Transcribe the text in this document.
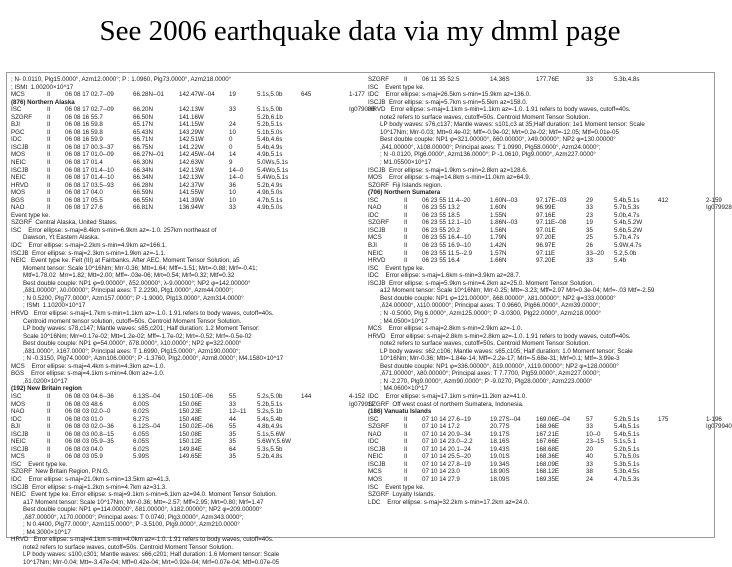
See 2006 earthquake data via my dmml page
; N- 0.0110, Plg15.0000°, Azm12.0000°; P : 1.0960, Plg73.0000°, Azm218.0000°
; ISMt  1.00200×10^17
MCS	II 06 08 17 02.7--09	66.28N--01 142.47W--04 19	5.1s,5.0b	645	1-177
(876) Northern Alaska
ISC	II 06 08 17 02.7--09	66.20N	142.13W	33	5.1s,5.0b	Ig079088
SZGRF II 06 08 16 55.7	66.50N	141.16W	5.2b,6.1b
BJI	II 06 08 16 59.8	65.17N	141.15W	24	5.2b,5.1s
PGC	II 06 08 16 59.8	65.43N	143.29W	10	5.1b,5.0s
IDC	II 06 08 16 59.9	66.71N	142.51W	0	5.4b,4.6s
ISCJB	II 06 08 17 00.3--37	66.75N	141.22W	0	5.4b,4.9s
MOS	II 06 08 17 01.0--09	66.27N--01 142.45W--04 14	4.9b,5.1s
NEIC	II 06 08 17 01.4	66.30N	142.63W	9	5.0Ws,5.1s
ISCJB	II 06 08 17 01.4--10	66.34N	142.13W	14--0 5.4Wo,5.1s
NEIC	II 06 08 17 01.4--10	66.34N	142.13W	14--0 5.4Wo,5.1s
HRVD	II 06 08 17 03.5--93	66.28N	142.37W	36	5.2b,4.9s
MOS	II 06 08 17 04.0	66.59N	141.55W	10	4.9b,5.0s
BGS	II 06 08 17 05.5	66.55N	141.39W	10	4.7b,5.1s
NAO	II 06 08 17 27.6	66.81N	136.94W	33	4.9b,5.0s
Event type ke.
SZGRF  Central Alaska, United States.
ISC    Error ellipse: s-maj=8.4km s-min=6.9km az=-1.0. 257km northeast of
Dawson, Yt Eastern Alaska.
IDC    Error ellipse: s-maj=2.2km s-min=4.9km az=166.1.
ISCJB  Error ellipse: s-maj=2.3km s-min=1.9km az=-1.1.
NEIC   Event type ke. Felt (III) at Fairbanks. After AEC. Moment Tensor Solution, a5
Moment tensor: Scale 10^16Nm; Mrr-0.36; Mtt=1.64; Mff=-1.51; Mrt=-0.88; Mrf=-0.41;
Mtf=1.78.02  Mrr=1.82; Mtt=2.00; Mff=-.03e-06; Mrt=0.54; Mrf=0.32; Mtf=0.32
Best double couple: NP1 φ=9.00000°, δ52.00000°, λ-9.00000°; NP2 φ=142.00000°
,δ81.00000°, λ0.00000°; Principal axes: T 2.2290, Plg1.0000°, Azm44.0000°;
; N 0.5200, Plg77.0000°, Azm157.0000°; P -1.9000, Plg13.0000°, Azm314.0000°
; ISMt  1.10200×10^17
HRVD   Error ellipse: s-maj=1.7km s-min=1.1km az=-1.0. 1.91.refers to body waves, cutoff=40s.
Centroid moment tensor solution, cutoff=50s. Centroid Moment Tensor Solution.
LP body waves: s78,c147; Mantle waves: s85,c201; Half duration: 1.2 Moment Tensor:
Scale 10^16Nm; Mrr=0.17e-02; Mtt=1.2e-02; Mff=-1.7e-02; Mrt=-0.52; Mrf=-0.5e-02
Best double couple: NP1 φ=54.0000°, δ78.0000°, λ10.0000°; NP2 φ=322.0000°
,δ81.0000°, λ167.0000°; Principal axes: T 1.6990, Plg15.0000°, Azm190.0000°;
; N -0.3150, Plg74.0000°, Azm106.0000°; P -1.3760, Plg2.0000°, Azm8.0000°; M4.1580×10^17
MCS    Error ellipse: s-maj=4.4km s-min=4.3km az=-1.0.
BGS    Error ellipse: s-maj=4.1km s-min=4.0km az=-1.0.
,δ1.0200×10^17
(192) New Britain region
ISC	II 06 08 03 04.6--36	6.13S--04	150.10E--06	55	5.2s,5.0b	144	4-152
MOS	II 06 08 03 48.6	6.00S	150.06E	33	5.2b,5.1s	Ig079911
NAO	II 06 08 03 02.0--0	6.02S	150.23E	12--11 5.2s,5.1b
IDC	II 06 08 03 01.0	6.27S	150.48E	44	5.4s,5.4b
BJI	II 06 08 03 02.0--36	6.12S--04	150.02E--06	55	4.8b,4.9s
ISCJB	II 06 08 03 00.8--15	6.05S	150.08E	35	5.1s,5.6W
NEIC	II 06 08 03 05.9--35	6.05S	150.12E	35	5.6WY,5.6W
ISCJB	II 06 08 03 04.0	6.02S	149.84E	64	5.3s,5.5b
MCS	II 06 08 03 05.9	5.99S	149.65E	35	5.2b,4.8s
ISC    Event type ke.
SZGRF  New Britain Region, P.N.G.
IDC    Error ellipse: s-maj=21.0km s-min=13.5km az=41.3.
ISCJB  Error ellipse: s-maj=1.2km s-min=4.7km az=31.3.
NEIC   Event type ke. Error ellipse: s-maj=9.1km s-min=6.1km az=94.0. Moment Tensor Solution.
a17 Moment tensor: Scale 10^17Nm; Mrr-0.36; Mtt=-2.57; Mff=2.95; Mrt=0.80; Mrf=1.47
Best double couple: NP1 φ=114.00000°, δ81.00000°, λ182.00000°; NP2 φ=209.00000°
,δ87.00000°, λ170.00000°; Principal axes: T 0.0740, Plg3.0000°, Azm343.0000°;
; N 0.4400, Plg77.0000°, Azm115.0000°; P -3.5100, Plg9.0000°, Azm210.0000°
; M4.3000×10^17
HRVD   Error ellipse: s-maj=4.1km s-min=4.0km az=-1.0. 1.91 refers to body waves, cutoff=40s.
note2 refers to surface waves, cutoff=50s. Centroid Moment Tensor Solution.
LP body waves: s100,c301; Mantle waves: s66,c201; Half duration: 1.6 Moment tensor: Scale
10^17Nm; Mrr-0.04; Mtt=-3.47e-04; Mff=0.42e-04; Mrt=0.92e-04; Mrf=0.07e-04; Mtf=0.07e-05
SZGRF II 06 11 35 52.5	14.36S	177.76E	33	5.3b,4.8s
ISC    Event type ke.
IDC    Error ellipse: s-maj=26.5km s-min=15.9km az=136.0.
ISCJB  Error ellipse: s-maj=5.7km s-min=5.5km az=158.0.
HRVD   Error ellipse: s-maj=1.1km s-min=1.1km az=-1.0. 1.91 refers to body waves, cutoff=40s.
note2 refers to surface waves, cutoff=50s. Centroid Moment Tensor Solution.
LP body waves: s76,c137; Mantle waves: s101,c3 at 35;Half duration: 1e1 Moment tensor: Scale
10^17Nm; Mrr-0.03; Mtt=0.4e-02; Mff=-0.9e-02; Mrt=0.2e-02; Mrf=-12.05; Mtf=0.01e-05
Best double couple: NP1 φ=321.00000°, δ60.00000°, λ49.00000°; NP2 φ=130.00000°
,δ41.00000°, λ108.00000°; Principal axes: T 1.0990, Plg58.0000°, Azm24.0000°;
; N -0.0120, Plg6.0000°, Azm136.0000°; P -1.0610, Plg9.0000°, Azm227.0000°
; M1.05500×10^17
ISCJB  Error ellipse: s-maj=1.9km s-min=2.8km az=128.6.
MOS    Error ellipse: s-maj=14.8km s-min=11.0km az=64.9.
SZGRF  Fiji Islands region.
(706) Northern Sumatera
ISC	II 06 23 55 11.4--20	1.60N--03	97.17E--03	29	5.4b,5.1s	412	2-159
NAO	II 06 23 55 13.2	1.60N	96.99E	33	5.7b,5.3s	Ig079928
IDC	II 06 23 55 18.5	1.55N	97.16E	23	5.0b,4.7s
SZGRF II 06 23 55 12.1--10	1.86N--03	97.11E--08	19	5.4b,5.2W
ISCJB	II 06 23 55 20.2	1.56N	97.01E	35	5.6b,5.2W
MCS	II 06 23 55 16.4--10	1.79N	97.20E	25	5.7b,4.7s
BJI	II 06 23 55 16.9--10	1.42N	96.97E	26	5.9W,4.7s
NEIC	II 06 23 55 11.5--2.9	1.57N	97.11E	33--20 5.2,5.0b
HRVD	II 06 23 55 16.4	1.66N	97.20E	33	5.4b
ISC    Event type ke.
IDC    Error ellipse: s-maj=1.6km s-min=3.9km az=28.7.
ISCJB  Error ellipse: s-maj=5.9km s-min=4.2km az=25.0. Moment Tensor Solution.
a12 Moment tensor: Scale 10^16Nm; Mrr-0.25; Mtt=-3.23; Mff=2.97 Mrt=0.3e-04; Mrf=-.03 Mtf=-2.59
Best double couple: NP1 φ=121.00000°, δ68.00000°, λ81.00000°; NP2 φ=333.00000°
,δ24.00000°, λ110.00000°; Principal axes: T 0.9660, Plg66.0000°, Azm39.0000°;
; N -0.5000, Plg 6.0000°, Azm125.0000°; P -3.0300, Plg22.0000°, Azm218.0000°
; M4.0500×10^17
MCS    Error ellipse: s-maj=2.8km s-min=2.9km az=-1.0.
HRVD   Error ellipse: s-maj=2.8km s-min=2.8km az=-1.0. 1.91 refers to body waves, cutoff=40s.
note2 refers to surface waves, cutoff=50s. Centroid Moment Tensor Solution.
LP body waves: s62,c106; Mantle waves: s65,c105; Half duration: 1.0 Moment tensor: Scale
10^16Nm; Mrr-0.36; Mtt=-1.84e-14; Mff=-2.2e-17; Mrt=-5.68e-31; Mrf=0.1; Mtf=-3.99e-3
Best double couple: NP1 φ=336.00000°, δ19.00000°, λ119.00000°; NP2 φ=128.00000°
,δ71.00000°, λ80.00000°; Principal axes: T 7.7700, Plg59.0000°, Azm227.0000°;
; N -2.270, Plg9.0000°, Azm90.0000°; P -9.0270, Plg28.0000°, Azm223.0000°
; M4.0600×10^17
IDC    Error ellipse: s-maj=17.1km s-min=11.2km az=41.0.
SZGRF  Off west coast of northern Sumatera, Indonesia.
(186) Vanuatu Islands
ISC	II 07 10 14 27.6--19	19.27S--04 169.06E--04	57	5.2b,5.1s	175	1-196
SZGRF II 07 10 14 17.2	20.77S	168.96E	33	5.4b,5.1s	Ig079940
NAO	II 07 10 14 20.9--34	19.17S	167.21E	10--0 5.4b,5.1s
IDC	II 07 10 14 23.0--2.2	18.16S	167.66E	23--15 5.1s,5.1
ISCJB	II 07 10 14 20.1--24	19.43S	168.68E	20	5.2b,5.1s
NEIC	II 07 10 14 25.5--20	19.01S	168.36E	40	5.7b,5.0s
ISCJB	II 07 10 14 27.8--19	19.34S	168.09E	33	5.3b,5.1s
MCS	II 07 10 14 23.0	18.90S	168.12E	38	5.3b,4.5s
MOS	II 07 10 14 27.9	18.09S	169.35E	24	4.7b,5.3s
ISC    Event type ke.
SZGRF  Loyalty Islands.
LDC    Error ellipse: s-maj=32.2km s-min=17.2km az=24.0.
